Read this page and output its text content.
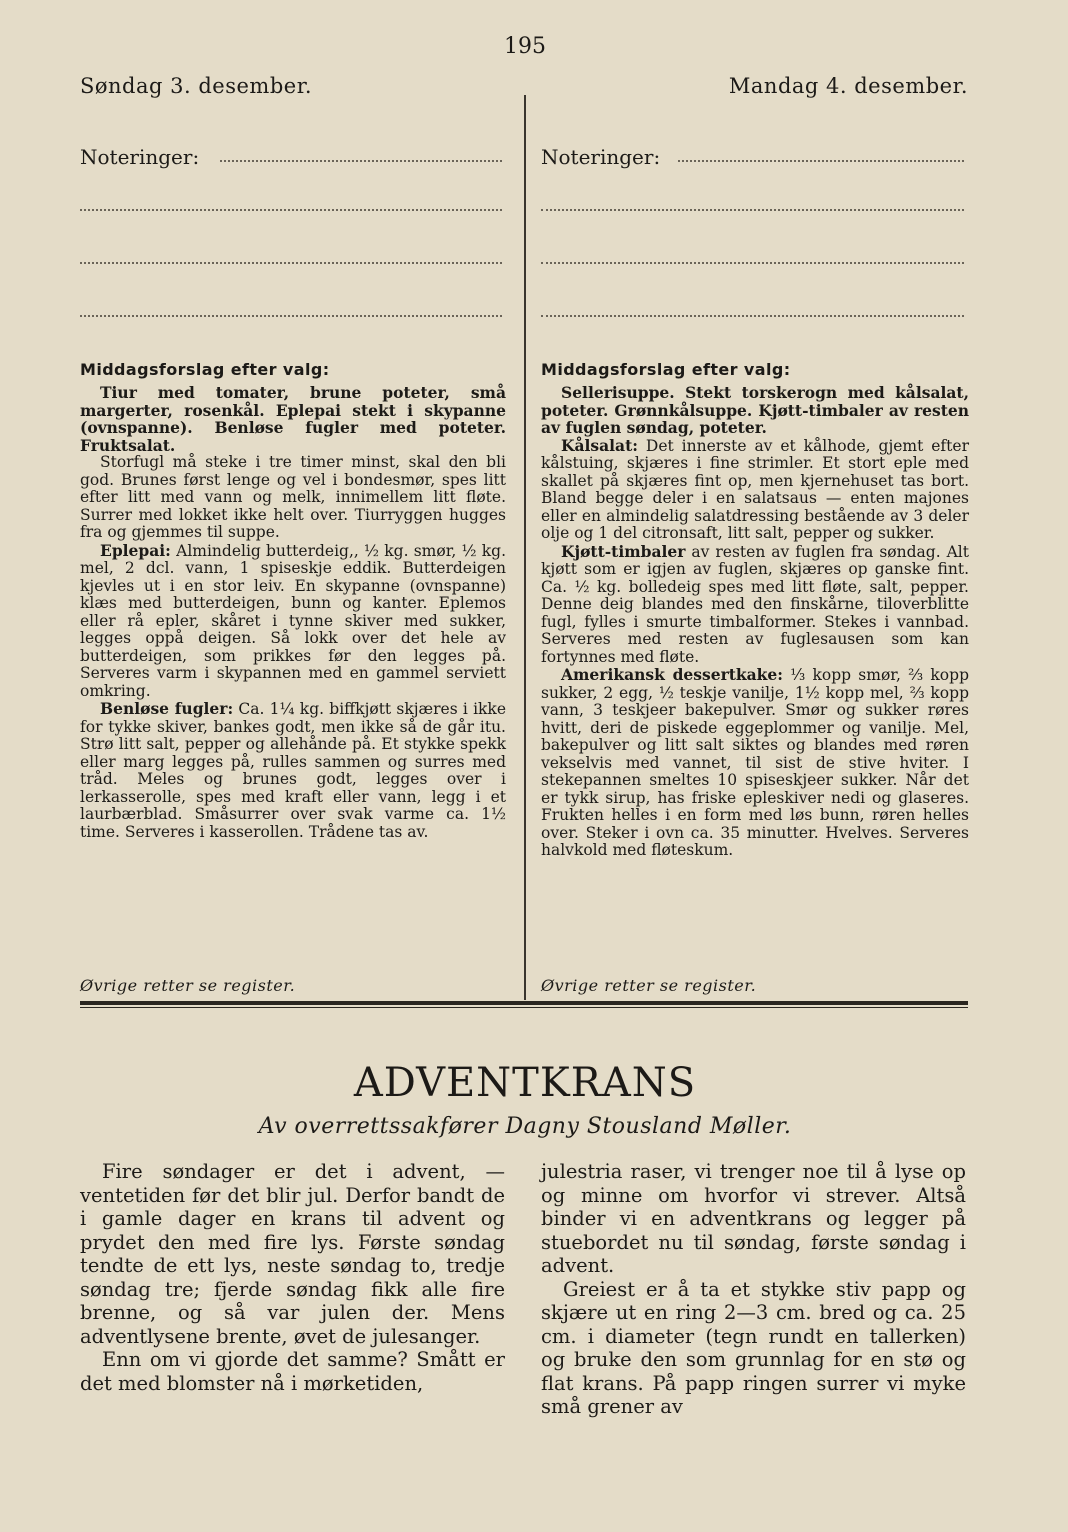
195
Søndag 3. desember.	Mandag 4. desember.
Noteringer:	Noteringer:
Middagsforslag efter valg:

Tiur med tomater, brune poteter, små margerter, rosenkål. Eplepai stekt i skypanne (ovnspanne). Benløse fugler med poteter. Fruktsalat.

Storfugl må steke i tre timer minst, skal den bli god. Brunes først lenge og vel i bondesmør, spes litt efter litt med vann og melk, innimellem litt fløte. Surrer med lokket ikke helt over. Tiurryggen hugges fra og gjemmes til suppe.

Eplepai: Almindelig butterdeig,, ½ kg. smør, ½ kg. mel, 2 dcl. vann, 1 spiseskje eddik. Butterdeigen kjevles ut i en stor leiv. En skypanne (ovnspanne) klæs med butterdeigen, bunn og kanter. Eplemos eller rå epler, skåret i tynne skiver med sukker, legges oppå deigen. Så lokk over det hele av butterdeigen, som prikkes før den legges på. Serveres varm i skypannen med en gammel serviett omkring.

Benløse fugler: Ca. 1¼ kg. biffkjøtt skjæres i ikke for tykke skiver, bankes godt, men ikke så de går itu. Strø litt salt, pepper og allehånde på. Et stykke spekk eller marg legges på, rulles sammen og surres med tråd. Meles og brunes godt, legges over i lerkasserolle, spes med kraft eller vann, legg i et laurbærblad. Småsurrer over svak varme ca. 1½ time. Serveres i kasserollen. Trådene tas av.

Øvrige retter se register.
Middagsforslag efter valg:

Sellerisuppe. Stekt torskerogn med kålsalat, poteter. Grønnkålsuppe. Kjøtt-timbaler av resten av fuglen søndag, poteter.

Kålsalat: Det innerste av et kålhode, gjemt efter kålstuing, skjæres i fine strimler. Et stort eple med skallet på skjæres fint op, men kjernehuset tas bort. Bland begge deler i en salatsaus — enten majones eller en almindelig salatdressing bestående av 3 deler olje og 1 del citronsaft, litt salt, pepper og sukker.

Kjøtt-timbaler av resten av fuglen fra søndag. Alt kjøtt som er igjen av fuglen, skjæres op ganske fint. Ca. ½ kg. bolledeig spes med litt fløte, salt, pepper. Denne deig blandes med den finskårne, tiloverblitte fugl, fylles i smurte timbalformer. Stekes i vannbad. Serveres med resten av fuglesausen som kan fortynnes med fløte.

Amerikansk dessertkake: ⅓ kopp smør, ⅔ kopp sukker, 2 egg, ½ teskje vanilje, 1½ kopp mel, ⅔ kopp vann, 3 teskjeer bakepulver. Smør og sukker røres hvitt, deri de piskede eggeplommer og vanilje. Mel, bakepulver og litt salt siktes og blandes med røren vekselvis med vannet, til sist de stive hviter. I stekepannen smeltes 10 spiseskjeer sukker. Når det er tykk sirup, has friske epleskiver nedi og glaseres. Frukten helles i en form med løs bunn, røren helles over. Steker i ovn ca. 35 minutter. Hvelves. Serveres halvkold med fløteskum.

Øvrige retter se register.
ADVENTKRANS
Av overrettssakfører Dagny Stousland Møller.

Fire søndager er det i advent, — ventetiden før det blir jul. Derfor bandt de i gamle dager en krans til advent og prydet den med fire lys. Første søndag tendte de ett lys, neste søndag to, tredje søndag tre; fjerde søndag fikk alle fire brenne, og så var julen der. Mens adventlysene brente, øvet de julesanger.

Enn om vi gjorde det samme? Smått er det med blomster nå i mørketiden,

julestria raser, vi trenger noe til å lyse op og minne om hvorfor vi strever. Altså binder vi en adventkrans og legger på stuebordet nu til søndag, første søndag i advent.

Greiest er å ta et stykke stiv papp og skjære ut en ring 2—3 cm. bred og ca. 25 cm. i diameter (tegn rundt en tallerken) og bruke den som grunnlag for en stø og flat krans. På papp ringen surrer vi myke små grener av
